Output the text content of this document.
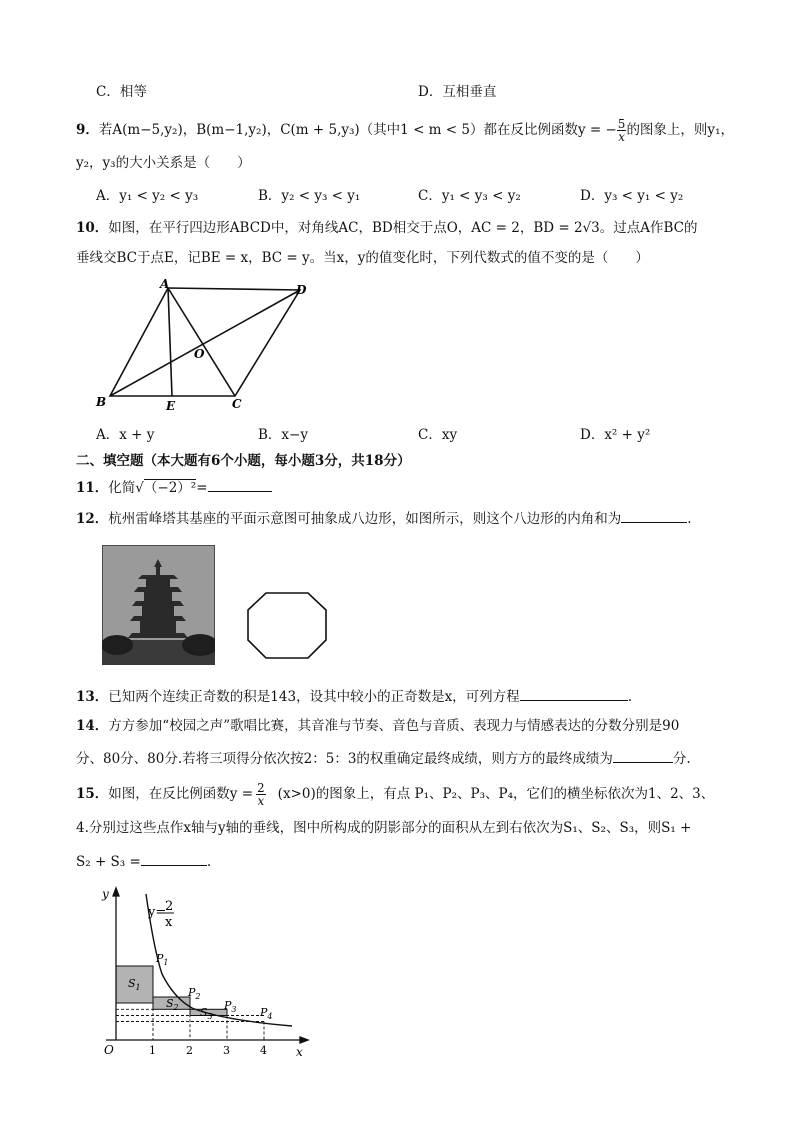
C．相等	D．互相垂直
9．若A(m−5,y₂)，B(m−1,y₂)，C(m + 5,y₃)（其中1 < m < 5）都在反比例函数y = − $\frac{5}{x}$ 的图象上，则y₁，
y₂，y₃的大小关系是（　　）
A．y₁ < y₂ < y₃	B．y₂ < y₃ < y₁	C．y₁ < y₃ < y₂	D．y₃ < y₁ < y₂
10．如图，在平行四边形ABCD中，对角线AC，BD相交于点O，AC = 2，BD = 2√3。过点A作BC的
垂线交BC于点E，记BE = x，BC = y。当x，y的值变化时，下列代数式的值不变的是（　　）
A	D
B	E	C
O
A．x + y	B．x−y	C．xy	D．x² + y²
二、填空题（本大题有6个小题，每小题3分，共18分）
11．化简√（−2）²=
12．杭州雷峰塔其基座的平面示意图可抽象成八边形，如图所示，则这个八边形的内角和为	.
13．已知两个连续正奇数的积是143，设其中较小的正奇数是x，可列方程	.
14．方方参加“校园之声”歌唱比赛，其音准与节奏、音色与音质、表现力与情感表达的分数分别是90
分、80分、80分.若将三项得分依次按2：5：3的权重确定最终成绩，则方方的最终成绩为	分.
15．如图，在反比例函数$y = \frac{2}{x} (x>0)$的图象上，有点 P₁、P₂、P₃、P₄，它们的横坐标依次为1、2、3、
4.分别过这些点作x轴与y轴的垂线，图中所构成的阴影部分的面积从左到右依次为S₁、S₂、S₃，则S₁ +
S₂ + S₃ =	.
y
x
O	1	2	3	4
y=
2
x
$P_1$
$P_2$
$P_3$ $P_4$
$S_1$
$S_2$ $S_3$
